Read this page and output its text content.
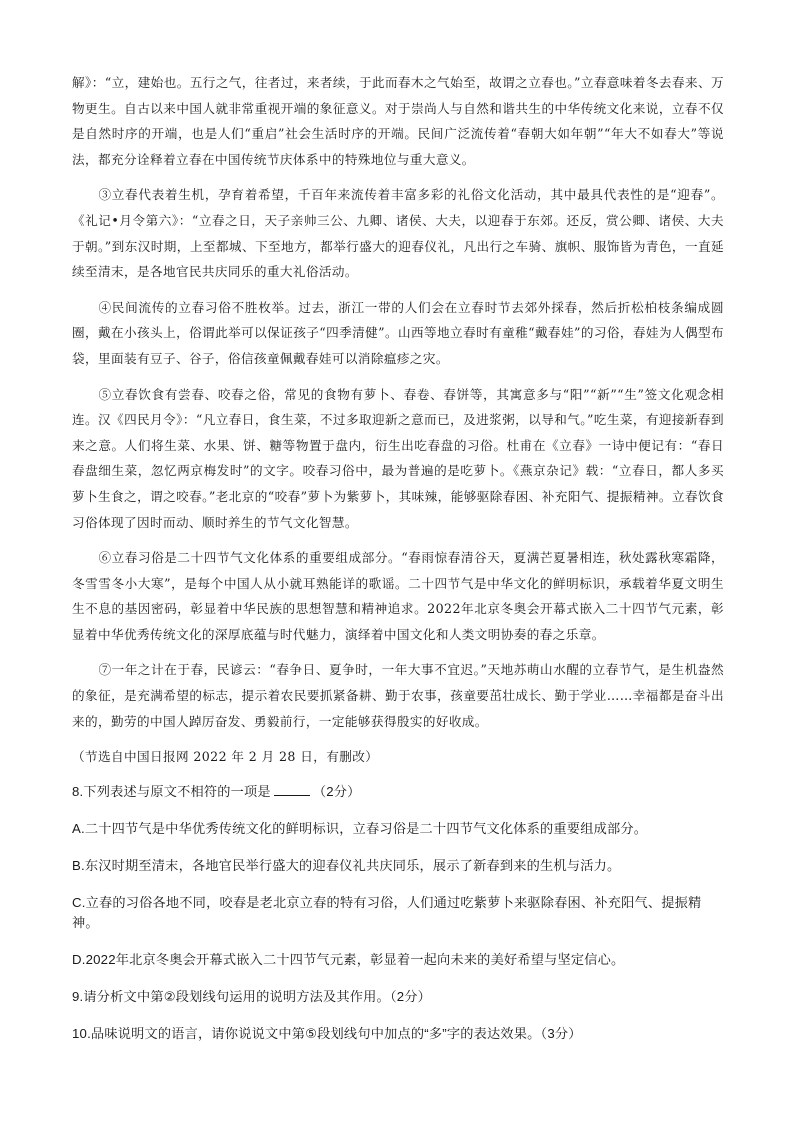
解》：“立，建始也。五行之气，往者过，来者续，于此而春木之气始至，故谓之立春也。”立春意味着冬去春来、万物更生。自古以来中国人就非常重视开端的象征意义。对于崇尚人与自然和谐共生的中华传统文化来说，立春不仅是自然时序的开端，也是人们“重启”社会生活时序的开端。民间广泛流传着“春朝大如年朝”“年大不如春大”等说法，都充分诠释着立春在中国传统节庆体系中的特殊地位与重大意义。

③立春代表着生机，孕育着希望，千百年来流传着丰富多彩的礼俗文化活动，其中最具代表性的是“迎春”。《礼记•月令第六》：“立春之日，天子亲帅三公、九卿、诸侯、大夫，以迎春于东郊。还反，赏公卿、诸侯、大夫于朝。”到东汉时期，上至都城、下至地方，都举行盛大的迎春仪礼，凡出行之车骑、旗帜、服饰皆为青色，一直延续至清末，是各地官民共庆同乐的重大礼俗活动。

④民间流传的立春习俗不胜枚举。过去，浙江一带的人们会在立春时节去郊外採春，然后折松柏枝条编成圆圈，戴在小孩头上，俗谓此举可以保证孩子“四季清健”。山西等地立春时有童稚“戴春娃”的习俗，春娃为人偶型布袋，里面装有豆子、谷子，俗信孩童佩戴春娃可以消除瘟疹之灾。

⑤立春饮食有尝春、咬春之俗，常见的食物有萝卜、春卷、春饼等，其寓意多与“阳”“新”“生”签文化观念相连。汉《四民月令》：“凡立春日，食生菜，不过多取迎新之意而已，及进浆粥，以导和气。”吃生菜，有迎接新春到来之意。人们将生菜、水果、饼、糖等物置于盘内，衍生出吃春盘的习俗。杜甫在《立春》一诗中便记有：“春日春盘细生菜，忽忆两京梅发时”的文字。咬春习俗中，最为普遍的是吃萝卜。《燕京杂记》载：“立春日，都人多买萝卜生食之，谓之咬春。”老北京的“咬春”萝卜为紫萝卜，其味辣，能够驱除春困、补充阳气、提振精神。立春饮食习俗体现了因时而动、顺时养生的节气文化智慧。

⑥立春习俗是二十四节气文化体系的重要组成部分。“春雨惊春清谷天，夏满芒夏暑相连，秋处露秋寒霜降，冬雪雪冬小大寒”，是每个中国人从小就耳熟能详的歌谣。二十四节气是中华文化的鲜明标识，承载着华夏文明生生不息的基因密码，彰显着中华民族的思想智慧和精神追求。2022年北京冬奥会开幕式嵌入二十四节气元素，彰显着中华优秀传统文化的深厚底蕴与时代魅力，演绎着中国文化和人类文明协奏的春之乐章。

⑦一年之计在于春，民谚云：“春争日、夏争时，一年大事不宜迟。”天地苏萌山水醒的立春节气，是生机盎然的象征，是充满希望的标志，提示着农民要抓紧备耕、勤于农事，孩童要茁壮成长、勤于学业……幸福都是奋斗出来的，勤劳的中国人踔厉奋发、勇毅前行，一定能够获得殷实的好收成。

（节选自中国日报网 2022 年 2 月 28 日，有删改）

8.下列表述与原文不相符的一项是	（2分）

A.二十四节气是中华优秀传统文化的鲜明标识，立春习俗是二十四节气文化体系的重要组成部分。

B.东汉时期至清末，各地官民举行盛大的迎春仪礼共庆同乐，展示了新春到来的生机与活力。

C.立春的习俗各地不同，咬春是老北京立春的特有习俗，人们通过吃紫萝卜来驱除春困、补充阳气、提振精神。

D.2022年北京冬奥会开幕式嵌入二十四节气元素，彰显着一起向未来的美好希望与坚定信心。

9.请分析文中第②段划线句运用的说明方法及其作用。（2分）

10.品味说明文的语言，请你说说文中第⑤段划线句中加点的“多”字的表达效果。（3分）
